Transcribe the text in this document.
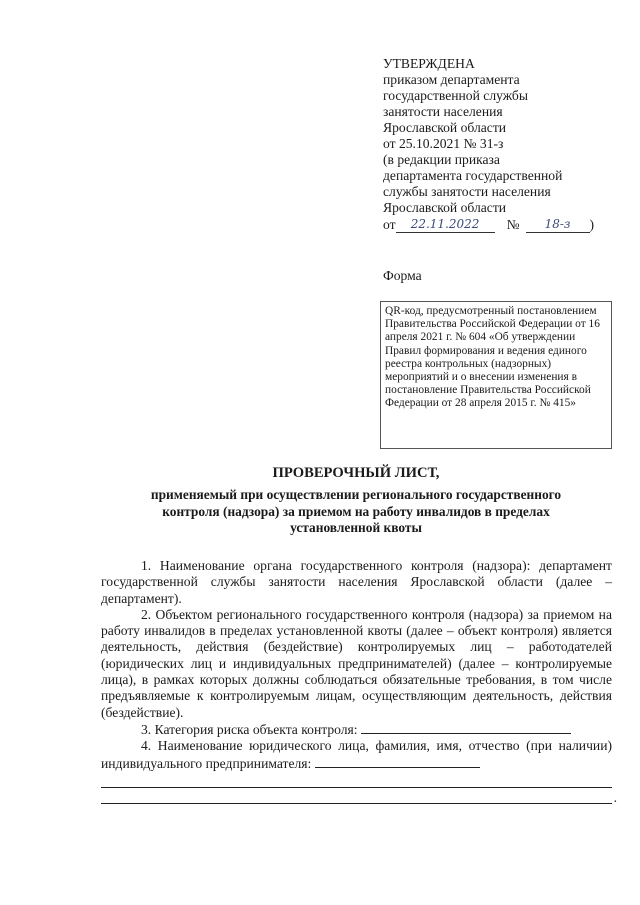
УТВЕРЖДЕНА
приказом департамента
государственной службы
занятости населения
Ярославской области
от 25.10.2021 № 31-з
(в редакции приказа
департамента государственной
службы занятости населения
Ярославской области
от	22.11.2022	№	18-з	)
Форма
QR-код, предусмотренный постановлением Правительства Российской Федерации от 16 апреля 2021 г. № 604 «Об утверждении Правил формирования и ведения единого реестра контрольных (надзорных) мероприятий и о внесении изменения в постановление Правительства Российской Федерации от 28 апреля 2015 г. № 415»
ПРОВЕРОЧНЫЙ ЛИСТ,
применяемый при осуществлении регионального государственного
контроля (надзора) за приемом на работу инвалидов в пределах
установленной квоты

1. Наименование органа государственного контроля (надзора): департамент государственной службы занятости населения Ярославской области (далее – департамент).

2. Объектом регионального государственного контроля (надзора) за приемом на работу инвалидов в пределах установленной квоты (далее – объект контроля) является деятельность, действия (бездействие) контролируемых лиц – работодателей (юридических лиц и индивидуальных предпринимателей) (далее – контролируемые лица), в рамках которых должны соблюдаться обязательные требования, в том числе предъявляемые к контролируемым лицам, осуществляющим деятельность, действия (бездействие).

3. Категория риска объекта контроля:

4. Наименование юридического лица, фамилия, имя, отчество (при наличии) индивидуального предпринимателя:

.
